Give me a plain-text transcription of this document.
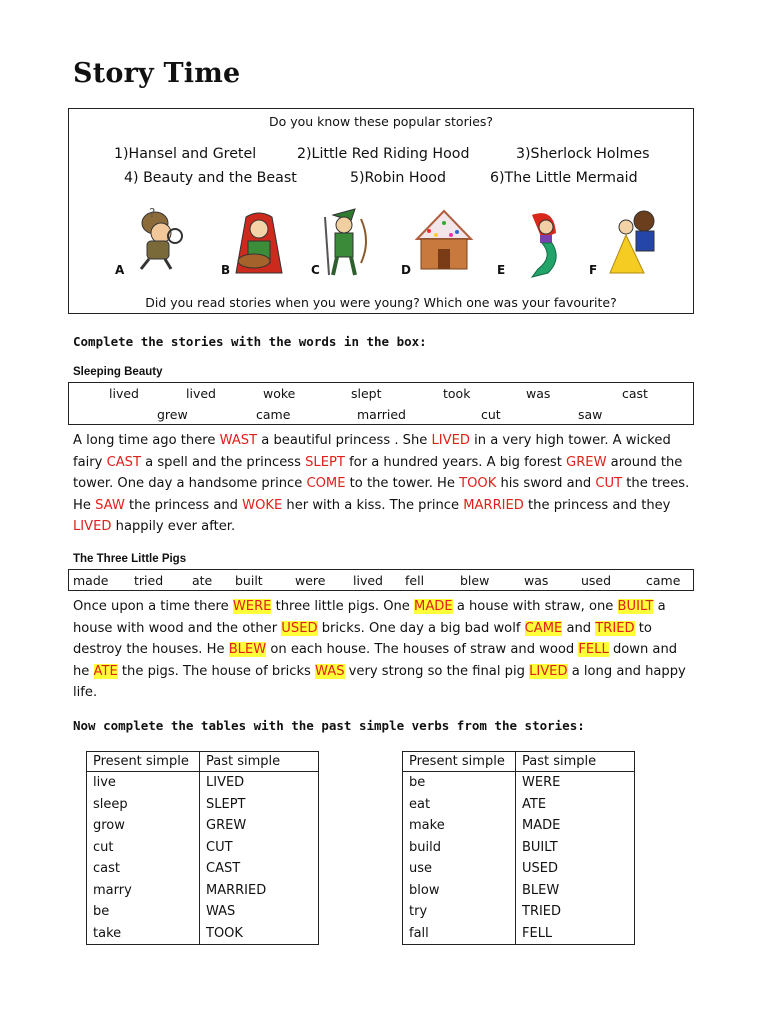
Story Time
Do you know these popular stories?
1)Hansel and Gretel	2)Little Red Riding Hood	3)Sherlock Holmes
4) Beauty and the Beast	5)Robin Hood	6)The Little Mermaid
?
A	B	C	D	E	F
Did you read stories when you were young? Which one was your favourite?
Complete the stories with the words in the box:
Sleeping Beauty
lived	lived	woke	slept	took	was	cast
grew	came	married	cut	saw
A long time ago there WAST a beautiful princess . She LIVED in a very high tower. A wicked fairy CAST a spell and the princess SLEPT for a hundred years. A big forest GREW around the tower. One day a handsome prince COME to the tower. He TOOK his sword and CUT the trees. He SAW the princess and WOKE her with a kiss. The prince MARRIED the princess and they LIVED happily ever after.
The Three Little Pigs
made tried ate built	were lived fell	blew	was	used	came
Once upon a time there WERE three little pigs. One MADE a house with straw, one BUILT a house with wood and the other USED bricks. One day a big bad wolf CAME and TRIED to destroy the houses. He BLEW on each house. The houses of straw and wood FELL down and he ATE the pigs. The house of bricks WAS very strong so the final pig LIVED a long and happy life.
Now complete the tables with the past simple verbs from the stories:
Present simple	Past simple
live	LIVED
sleep	SLEPT
grow	GREW
cut	CUT
cast	CAST
marry	MARRIED
be	WAS
take	TOOK
Present simple	Past simple
be	WERE
eat	ATE
make	MADE
build	BUILT
use	USED
blow	BLEW
try	TRIED
fall	FELL
